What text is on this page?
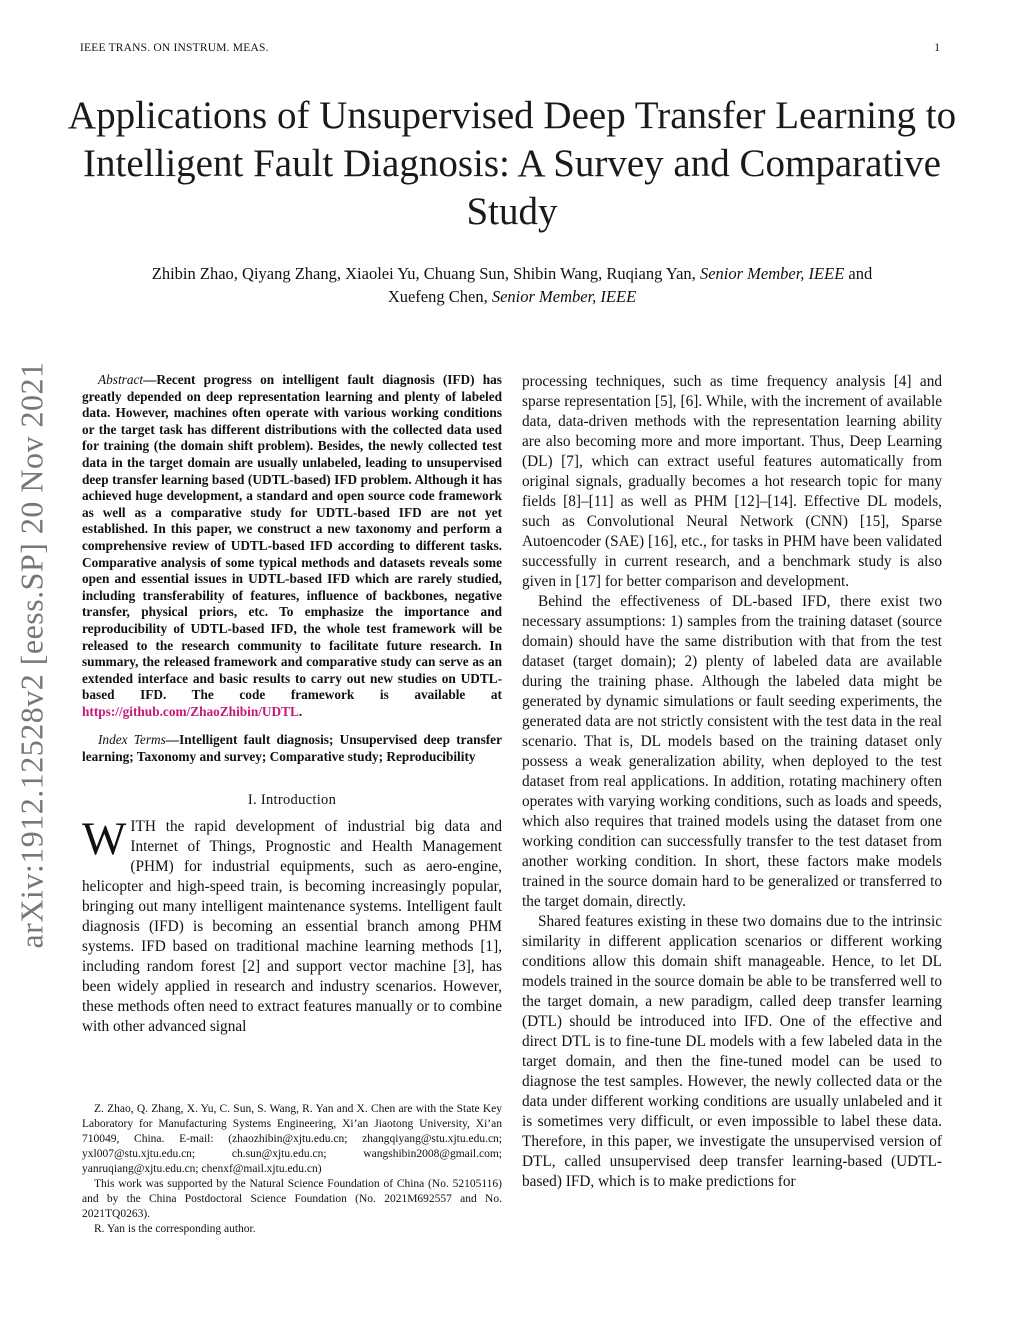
IEEE TRANS. ON INSTRUM. MEAS.	1
Applications of Unsupervised Deep Transfer Learning to Intelligent Fault Diagnosis: A Survey and Comparative Study
Zhibin Zhao, Qiyang Zhang, Xiaolei Yu, Chuang Sun, Shibin Wang, Ruqiang Yan, Senior Member, IEEE and
Xuefeng Chen, Senior Member, IEEE
arXiv:1912.12528v2 [eess.SP] 20 Nov 2021	Abstract—Recent progress on intelligent fault diagnosis (IFD) has greatly depended on deep representation learning and plenty of labeled data. However, machines often operate with various working conditions or the target task has different distributions with the collected data used for training (the domain shift problem). Besides, the newly collected test data in the target domain are usually unlabeled, leading to unsupervised deep transfer learning based (UDTL-based) IFD problem. Although it has achieved huge development, a standard and open source code framework as well as a comparative study for UDTL-based IFD are not yet established. In this paper, we construct a new taxonomy and perform a comprehensive review of UDTL-based IFD according to different tasks. Comparative analysis of some typical methods and datasets reveals some open and essential issues in UDTL-based IFD which are rarely studied, including transferability of features, influence of backbones, negative transfer, physical priors, etc. To emphasize the importance and reproducibility of UDTL-based IFD, the whole test framework will be released to the research community to facilitate future research. In summary, the released framework and comparative study can serve as an extended interface and basic results to carry out new studies on UDTL-based IFD. The code framework is available at https://github.com/ZhaoZhibin/UDTL.

Index Terms—Intelligent fault diagnosis; Unsupervised deep transfer learning; Taxonomy and survey; Comparative study; Reproducibility

I. Introduction

WITH the rapid development of industrial big data and Internet of Things, Prognostic and Health Management (PHM) for industrial equipments, such as aero-engine, helicopter and high-speed train, is becoming increasingly popular, bringing out many intelligent maintenance systems. Intelligent fault diagnosis (IFD) is becoming an essential branch among PHM systems. IFD based on traditional machine learning methods [1], including random forest [2] and support vector machine [3], has been widely applied in research and industry scenarios. However, these methods often need to extract features manually or to combine with other advanced signal

Z. Zhao, Q. Zhang, X. Yu, C. Sun, S. Wang, R. Yan and X. Chen are with the State Key Laboratory for Manufacturing Systems Engineering, Xi’an Jiaotong University, Xi’an 710049, China. E-mail: (zhaozhibin@xjtu.edu.cn; zhangqiyang@stu.xjtu.edu.cn; yxl007@stu.xjtu.edu.cn; ch.sun@xjtu.edu.cn; wangshibin2008@gmail.com; yanruqiang@xjtu.edu.cn; chenxf@mail.xjtu.edu.cn)

This work was supported by the Natural Science Foundation of China (No. 52105116) and by the China Postdoctoral Science Foundation (No. 2021M692557 and No. 2021TQ0263).

R. Yan is the corresponding author.

processing techniques, such as time frequency analysis [4] and sparse representation [5], [6]. While, with the increment of available data, data-driven methods with the representation learning ability are also becoming more and more important. Thus, Deep Learning (DL) [7], which can extract useful features automatically from original signals, gradually becomes a hot research topic for many fields [8]–[11] as well as PHM [12]–[14]. Effective DL models, such as Convolutional Neural Network (CNN) [15], Sparse Autoencoder (SAE) [16], etc., for tasks in PHM have been validated successfully in current research, and a benchmark study is also given in [17] for better comparison and development.

Behind the effectiveness of DL-based IFD, there exist two necessary assumptions: 1) samples from the training dataset (source domain) should have the same distribution with that from the test dataset (target domain); 2) plenty of labeled data are available during the training phase. Although the labeled data might be generated by dynamic simulations or fault seeding experiments, the generated data are not strictly consistent with the test data in the real scenario. That is, DL models based on the training dataset only possess a weak generalization ability, when deployed to the test dataset from real applications. In addition, rotating machinery often operates with varying working conditions, such as loads and speeds, which also requires that trained models using the dataset from one working condition can successfully transfer to the test dataset from another working condition. In short, these factors make models trained in the source domain hard to be generalized or transferred to the target domain, directly.

Shared features existing in these two domains due to the intrinsic similarity in different application scenarios or different working conditions allow this domain shift manageable. Hence, to let DL models trained in the source domain be able to be transferred well to the target domain, a new paradigm, called deep transfer learning (DTL) should be introduced into IFD. One of the effective and direct DTL is to fine-tune DL models with a few labeled data in the target domain, and then the fine-tuned model can be used to diagnose the test samples. However, the newly collected data or the data under different working conditions are usually unlabeled and it is sometimes very difficult, or even impossible to label these data. Therefore, in this paper, we investigate the unsupervised version of DTL, called unsupervised deep transfer learning-based (UDTL-based) IFD, which is to make predictions for
